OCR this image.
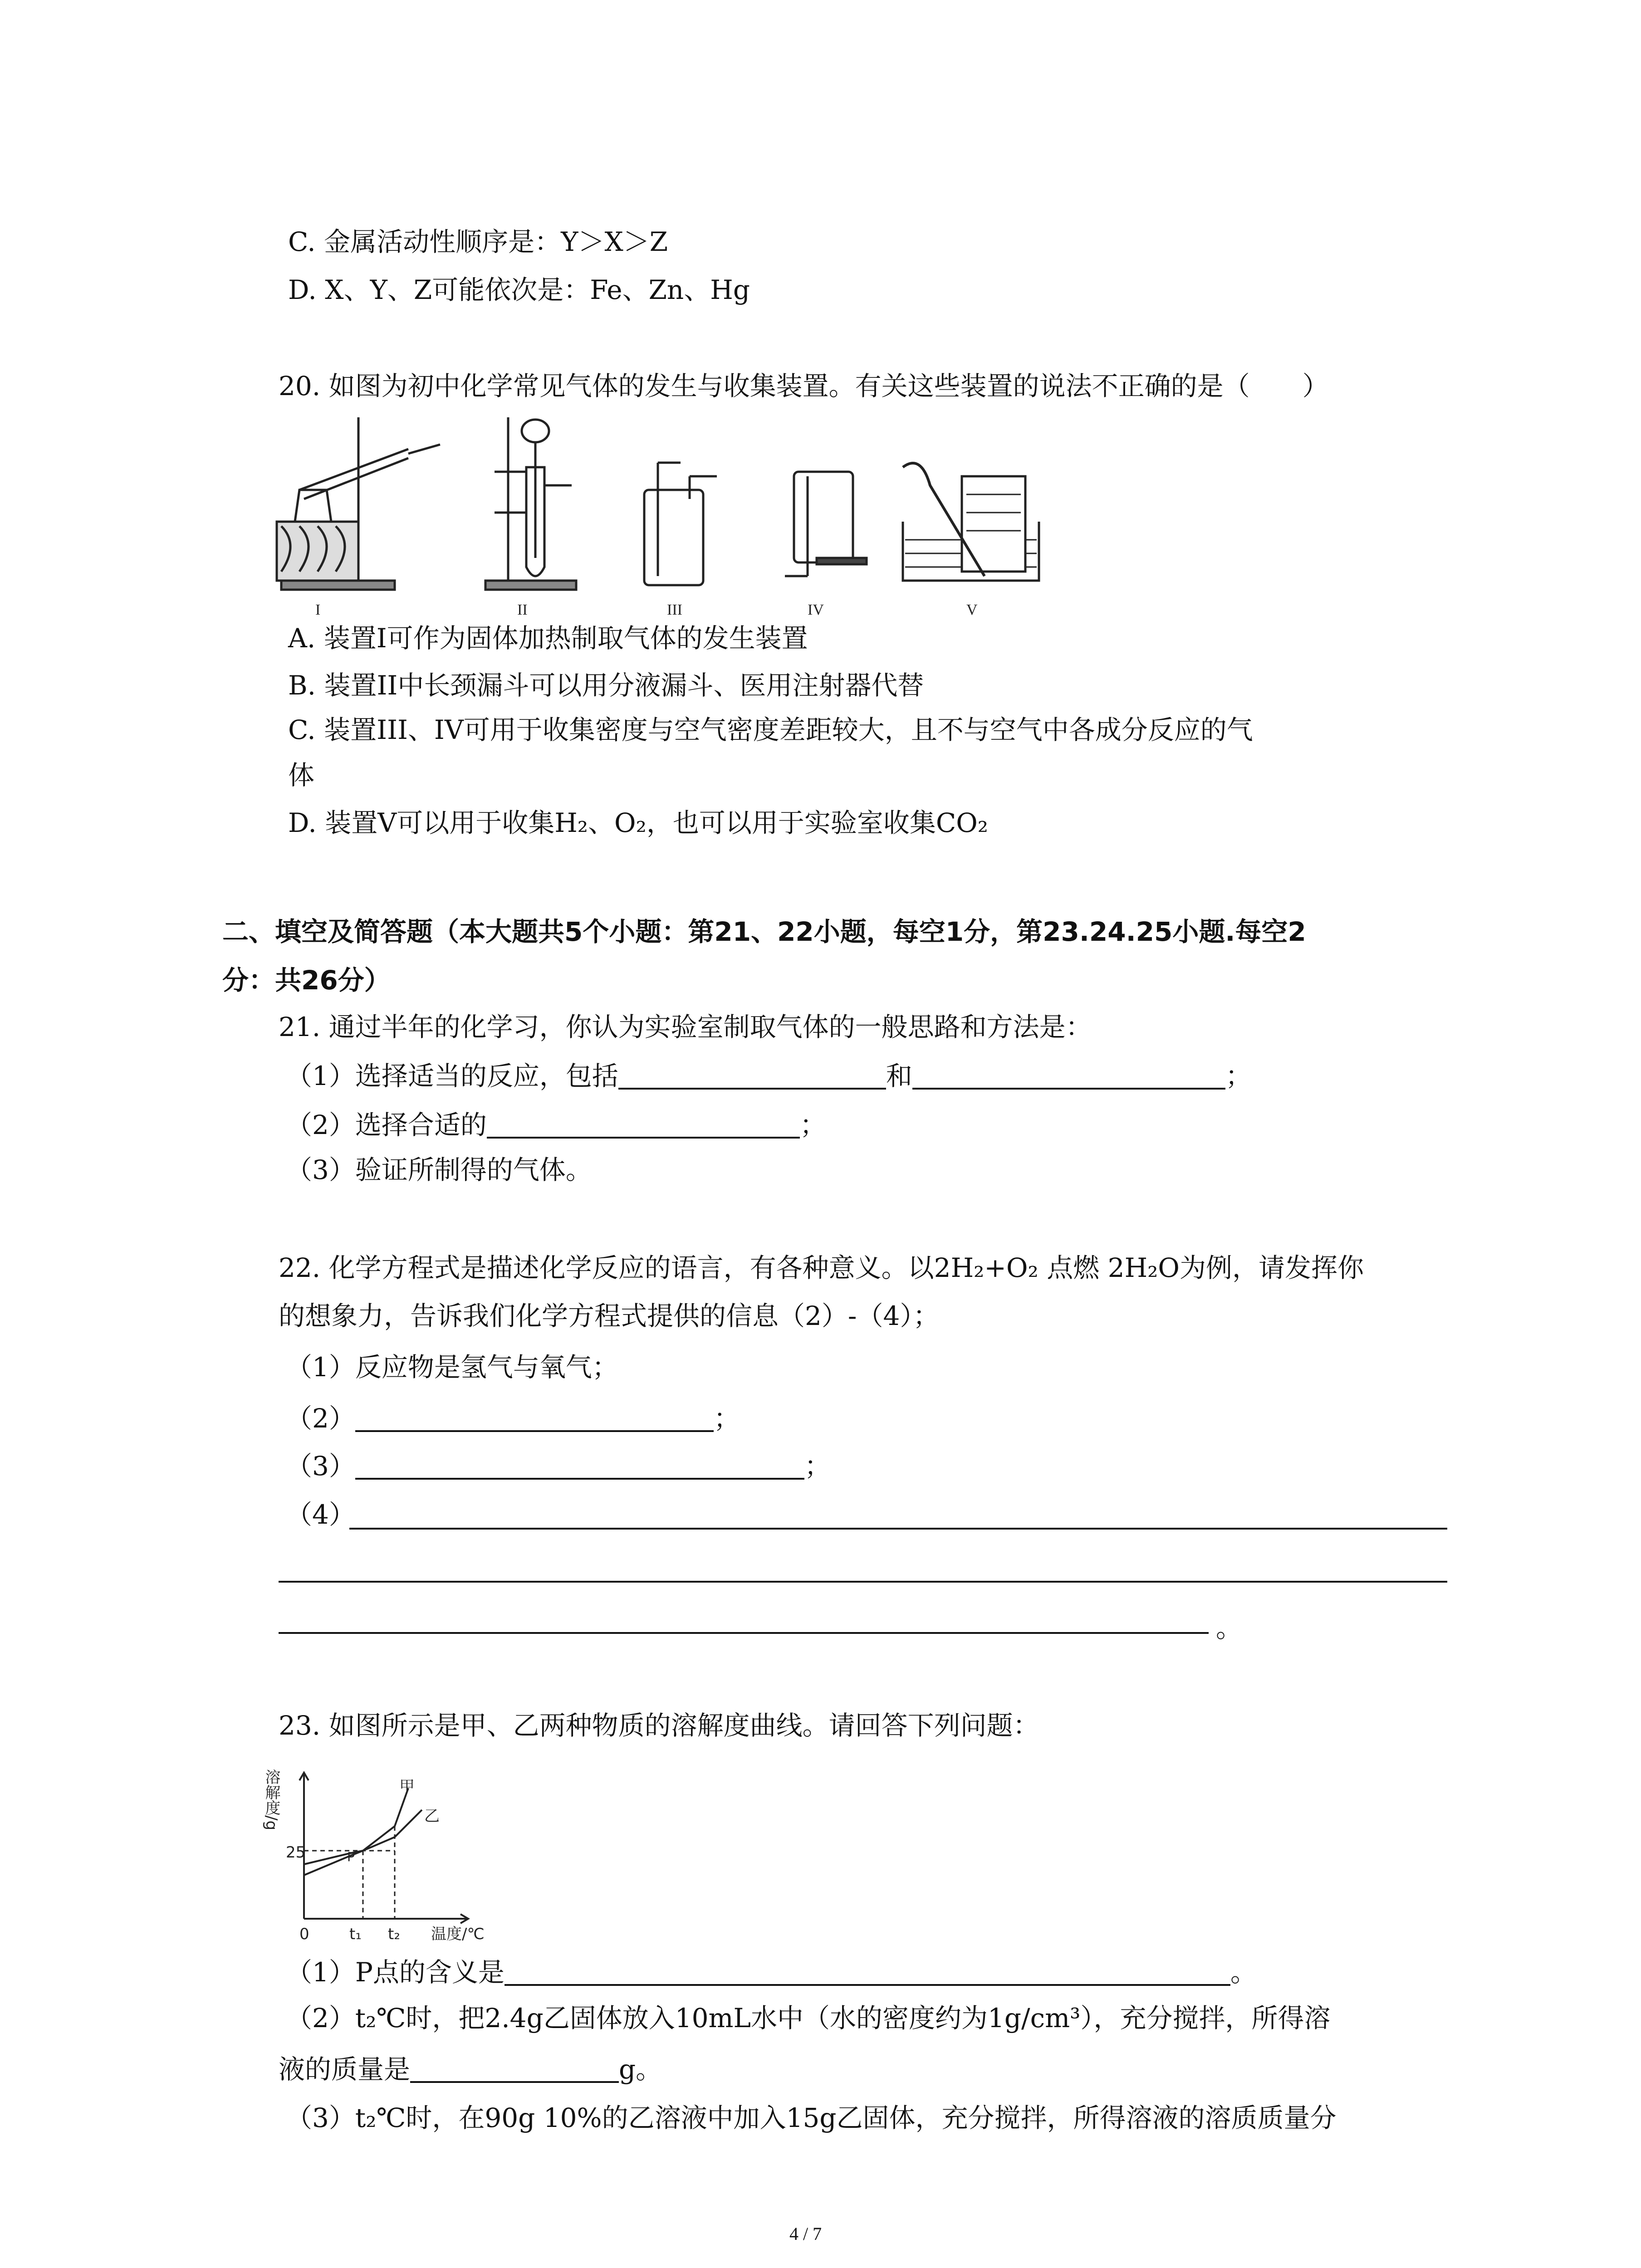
C. 金属活动性顺序是：Y＞X＞Z
D. X、Y、Z可能依次是：Fe、Zn、Hg
20. 如图为初中化学常见气体的发生与收集装置。有关这些装置的说法不正确的是（　　）
I	II	III	IV	V
A. 装置I可作为固体加热制取气体的发生装置
B. 装置II中长颈漏斗可以用分液漏斗、医用注射器代替
C. 装置III、IV可用于收集密度与空气密度差距较大，且不与空气中各成分反应的气
体
D. 装置V可以用于收集H₂、O₂，也可以用于实验室收集CO₂
二、填空及简答题（本大题共5个小题：第21、22小题，每空1分，第23.24.25小题.每空2
分：共26分）
21. 通过半年的化学习，你认为实验室制取气体的一般思路和方法是：
（1）选择适当的反应，包括	和	；
（2）选择合适的	；
（3）验证所制得的气体。
22. 化学方程式是描述化学反应的语言，有各种意义。以2H₂+O₂ 点燃 2H₂O为例，请发挥你
的想象力，告诉我们化学方程式提供的信息（2）-（4）；
（1）反应物是氢气与氧气；
（2）	；
（3）	；
（4）
。
23. 如图所示是甲、乙两种物质的溶解度曲线。请回答下列问题：
溶解度/g
温度/℃
0	t₁ t₂
25
甲
乙
P
（1）P点的含义是	。
（2）t₂℃时，把2.4g乙固体放入10mL水中（水的密度约为1g/cm³），充分搅拌，所得溶
液的质量是	g。
（3）t₂℃时，在90g 10%的乙溶液中加入15g乙固体，充分搅拌，所得溶液的溶质质量分
4 / 7
